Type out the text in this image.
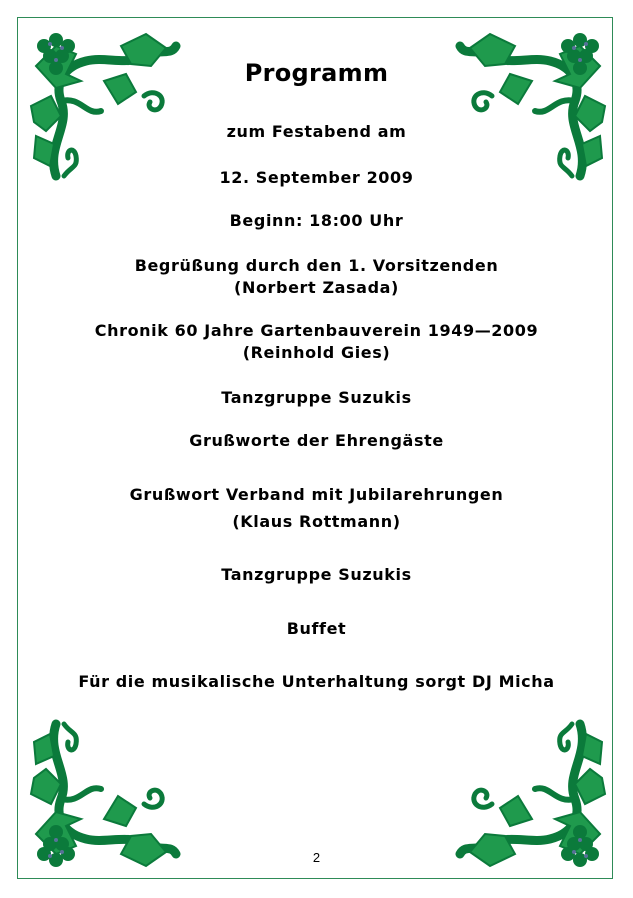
Programm
zum Festabend am
12. September 2009
Beginn: 18:00 Uhr
Begrüßung durch den 1. Vorsitzenden
(Norbert Zasada)
Chronik 60 Jahre Gartenbauverein 1949—2009
(Reinhold Gies)
Tanzgruppe Suzukis
Grußworte der Ehrengäste
Grußwort Verband mit Jubilarehrungen
(Klaus Rottmann)
Tanzgruppe Suzukis
Buffet
Für die musikalische Unterhaltung sorgt DJ Micha
2
